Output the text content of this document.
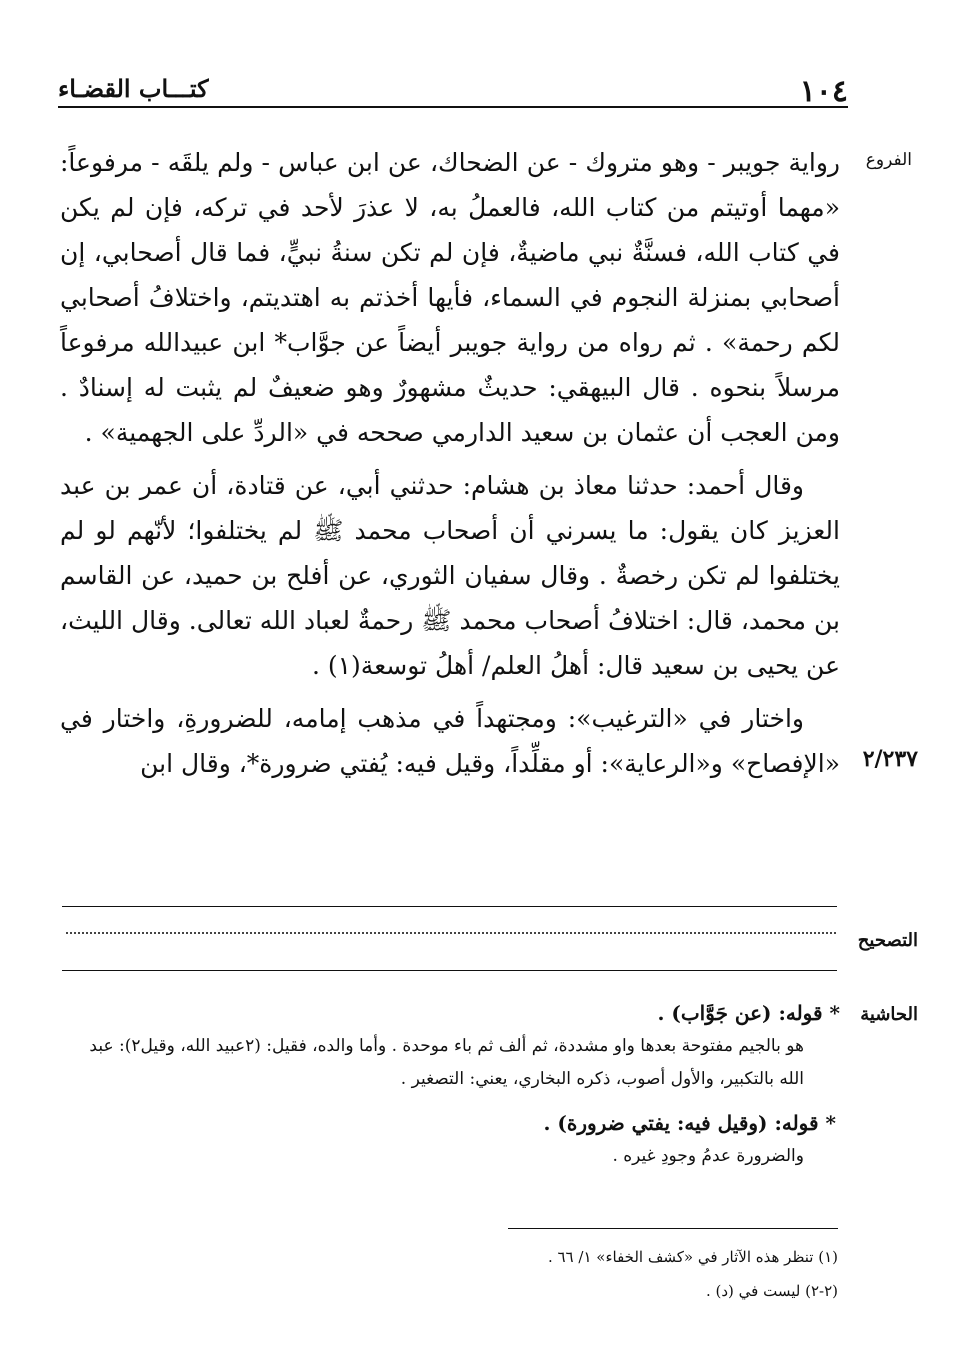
١٠٤
كتـــاب القضـاء
الفروع
٢/٢٣٧
التصحيح
الحاشية

رواية جويبر - وهو متروك - عن الضحاك، عن ابن عباس - ولم يلقَه - مرفوعاً: «مهما أوتيتم من كتاب الله، فالعملُ به، لا عذرَ لأحد في تركه، فإن لم يكن في كتاب الله، فسنَّةٌ نبي ماضيةٌ، فإن لم تكن سنةُ نبيٍّ، فما قال أصحابي، إن أصحابي بمنزلة النجوم في السماء، فأيها أخذتم به اهتديتم، واختلافُ أصحابي لكم رحمة» . ثم رواه من رواية جويبر أيضاً عن جوَّاب* ابن عبيدالله مرفوعاً مرسلاً بنحوه . قال البيهقي: حديثٌ مشهورٌ وهو ضعيفٌ لم يثبت له إسنادٌ . ومن العجب أن عثمان بن سعيد الدارمي صححه في «الردِّ على الجهمية» .

وقال أحمد: حدثنا معاذ بن هشام: حدثني أبي، عن قتادة، أن عمر بن عبد العزيز كان يقول: ما يسرني أن أصحاب محمد ﷺ لم يختلفوا؛ لأنّهم لو لم يختلفوا لم تكن رخصةٌ . وقال سفيان الثوري، عن أفلح بن حميد، عن القاسم بن محمد، قال: اختلافُ أصحاب محمد ﷺ رحمةٌ لعباد الله تعالى. وقال الليث، عن يحيى بن سعيد قال: أهلُ العلم/ أهلُ توسعة(١) .

واختار في «الترغيب»: ومجتهداً في مذهب إمامه، للضرورةِ، واختار في «الإفصاح» و«الرعاية»: أو مقلِّداً، وقيل فيه: يُفتي ضرورة*، وقال ابن

* قوله: (عن جَوَّاب) .
هو بالجيم مفتوحة بعدها واو مشددة، ثم ألف ثم باء موحدة . وأما والده، فقيل: (٢عبيد الله، وقيل٢): عبد الله بالتكبير، والأول أصوب، ذكره البخاري، يعني: التصغير .
* قوله: (وقيل فيه: يفتي ضرورة) .
والضرورة عدمُ وجودِ غيره .
(١) تنظر هذه الآثار في «كشف الخفاء» ١/ ٦٦ .
(٢-٢) ليست في (د) .
